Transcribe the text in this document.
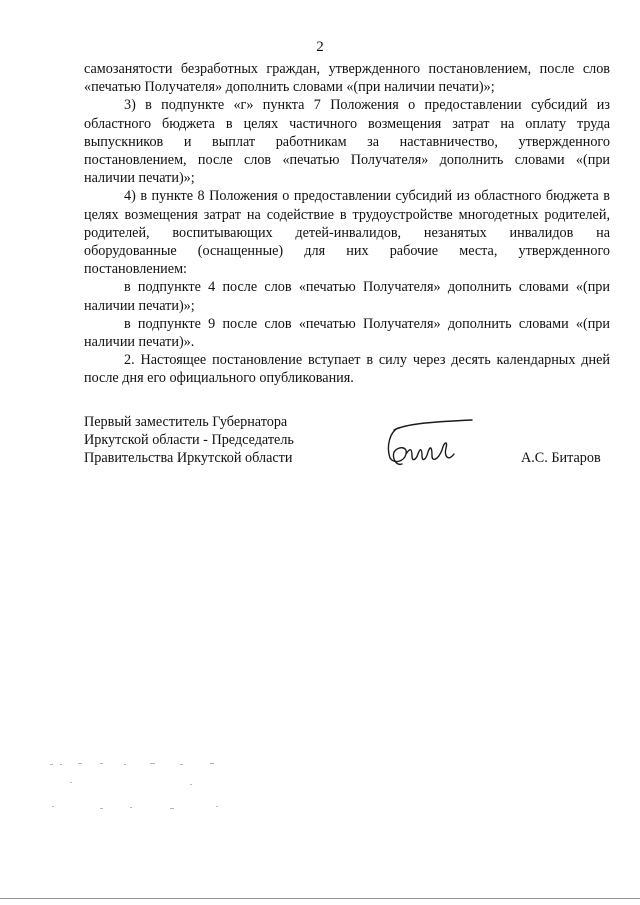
2

самозанятости безработных граждан, утвержденного постановлением, после слов «печатью Получателя» дополнить словами «(при наличии печати)»;

3) в подпункте «г» пункта 7 Положения о предоставлении субсидий из областного бюджета в целях частичного возмещения затрат на оплату труда выпускников и выплат работникам за наставничество, утвержденного постановлением, после слов «печатью Получателя» дополнить словами «(при наличии печати)»;

4) в пункте 8 Положения о предоставлении субсидий из областного бюджета в целях возмещения затрат на содействие в трудоустройстве многодетных родителей, родителей, воспитывающих детей-инвалидов, незанятых инвалидов на оборудованные (оснащенные) для них рабочие места, утвержденного постановлением:

в подпункте 4 после слов «печатью Получателя» дополнить словами «(при наличии печати)»;

в подпункте 9 после слов «печатью Получателя» дополнить словами «(при наличии печати)».

2. Настоящее постановление вступает в силу через десять календарных дней после дня его официального опубликования.

Первый заместитель Губернатора
Иркутской области - Председатель
Правительства Иркутской области	А.С. Битаров
